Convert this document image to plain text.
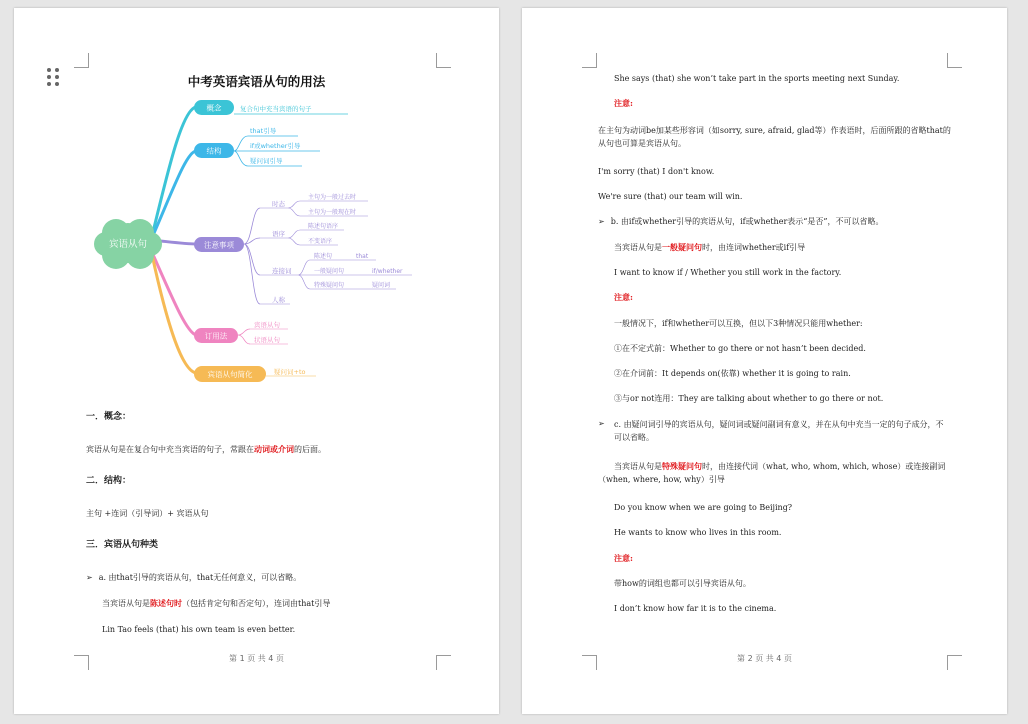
中考英语宾语从句的用法
宾语从句
概念	复合句中充当宾语的句子
结构
that引导
if或whether引导
疑问词引导
注意事项
时态
主句为一般过去时
主句为一般现在时
语序
陈述句语序
不变语序
连接词
陈述句
一般疑问句
特殊疑问句
that
if/whether
疑问词
人称
订用法
宾语从句
状语从句
宾语从句简化	疑问词+to
一．概念：
宾语从句是在复合句中充当宾语的句子，常跟在动词或介词的后面。
二．结构：
主句 +连词（引导词）+ 宾语从句
三．宾语从句种类
➢ a. 由that引导的宾语从句，that无任何意义，可以省略。
当宾语从句是陈述句时（包括肯定句和否定句），连词由that引导
Lin Tao feels (that) his own team is even better.
第 1 页 共 4 页
She says (that) she won’t take part in the sports meeting next Sunday.
注意:
在主句为动词be加某些形容词（如sorry, sure, afraid, glad等）作表语时，后面所跟的省略that的从句也可算是宾语从句。
I'm sorry (that) I don't know.
We're sure (that) our team will win.
➢ b. 由if或whether引导的宾语从句，if或whether表示“是否”，不可以省略。
当宾语从句是一般疑问句时，由连词whether或if引导
I want to know if / Whether you still work in the factory.
注意:
一般情况下，if和whether可以互换，但以下3种情况只能用whether:
①在不定式前：Whether to go there or not hasn’t been decided.
②在介词前：It depends on(依靠) whether it is going to rain.
③与or not连用：They are talking about whether to go there or not.
➢	c. 由疑问词引导的宾语从句，疑问词或疑问副词有意义，并在从句中充当一定的句子成分，不可以省略。
当宾语从句是特殊疑问句时，由连接代词（what, who, whom, which, whose）或连接副词（when, where, how, why）引导
Do you know when we are going to Beijing?
He wants to know who lives in this room.
注意:
带how的词组也都可以引导宾语从句。
I don’t know how far it is to the cinema.
第 2 页 共 4 页
